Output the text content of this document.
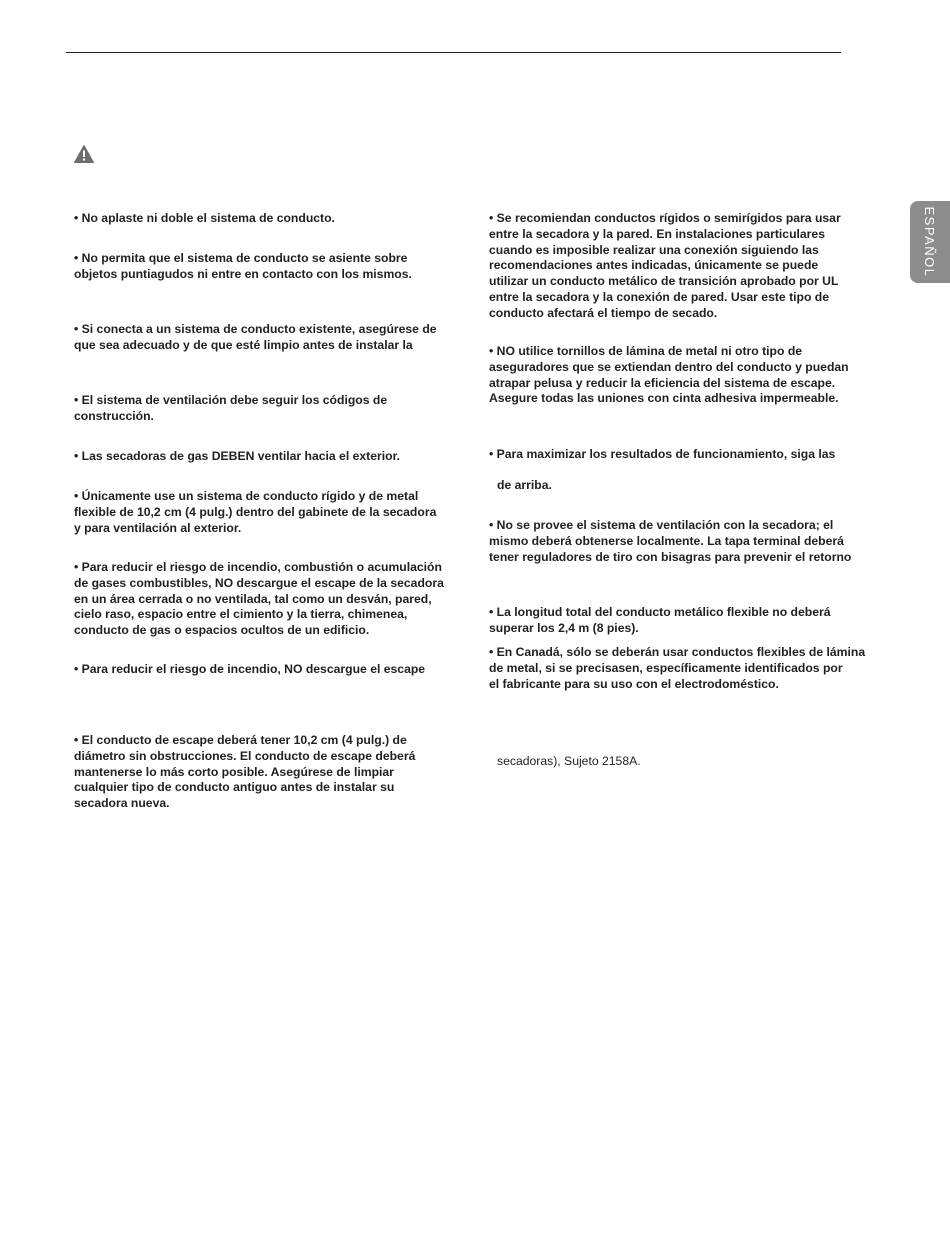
ESPAÑOL
• No aplaste ni doble el sistema de conducto.
• No permita que el sistema de conducto se asiente sobre
objetos puntiagudos ni entre en contacto con los mismos.
• Si conecta a un sistema de conducto existente, asegúrese de
que sea adecuado y de que esté limpio antes de instalar la
• El sistema de ventilación debe seguir los códigos de
construcción.
• Las secadoras de gas DEBEN ventilar hacia el exterior.
• Únicamente use un sistema de conducto rígido y de metal
flexible de 10,2 cm (4 pulg.) dentro del gabinete de la secadora
y para ventilación al exterior.
• Para reducir el riesgo de incendio, combustión o acumulación
de gases combustibles, NO descargue el escape de la secadora
en un área cerrada o no ventilada, tal como un desván, pared,
cielo raso, espacio entre el cimiento y la tierra, chimenea,
conducto de gas o espacios ocultos de un edificio.
• Para reducir el riesgo de incendio, NO descargue el escape
• El conducto de escape deberá tener 10,2 cm (4 pulg.) de
diámetro sin obstrucciones. El conducto de escape deberá
mantenerse lo más corto posible. Asegúrese de limpiar
cualquier tipo de conducto antiguo antes de instalar su
secadora nueva.
• Se recomiendan conductos rígidos o semirígidos para usar
entre la secadora y la pared. En instalaciones particulares
cuando es imposible realizar una conexión siguiendo las
recomendaciones antes indicadas, únicamente se puede
utilizar un conducto metálico de transición aprobado por UL
entre la secadora y la conexión de pared. Usar este tipo de
conducto afectará el tiempo de secado.
• NO utilice tornillos de lámina de metal ni otro tipo de
aseguradores que se extiendan dentro del conducto y puedan
atrapar pelusa y reducir la eficiencia del sistema de escape.
Asegure todas las uniones con cinta adhesiva impermeable.
• Para maximizar los resultados de funcionamiento, siga las
de arriba.
• No se provee el sistema de ventilación con la secadora; el
mismo deberá obtenerse localmente. La tapa terminal deberá
tener reguladores de tiro con bisagras para prevenir el retorno
• La longitud total del conducto metálico flexible no deberá
superar los 2,4 m (8 pies).
• En Canadá, sólo se deberán usar conductos flexibles de lámina
de metal, si se precisasen, específicamente identificados por
el fabricante para su uso con el electrodoméstico.
secadoras), Sujeto 2158A.
